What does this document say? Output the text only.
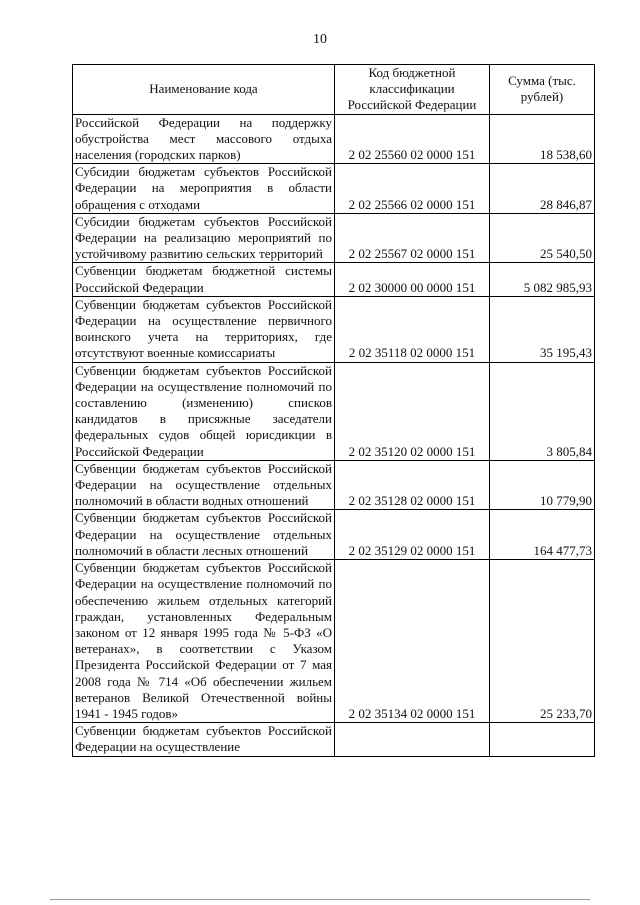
10
Наименование кода	Код бюджетной классификации Российской Федерации	Сумма (тыс. рублей)
Российской Федерации на поддержку обустройства мест массового отдыха населения (городских парков)	2 02 25560 02 0000 151	18 538,60
Субсидии бюджетам субъектов Российской Федерации на мероприятия в области обращения с отходами	2 02 25566 02 0000 151	28 846,87
Субсидии бюджетам субъектов Российской Федерации на реализацию мероприятий по устойчивому развитию сельских территорий	2 02 25567 02 0000 151	25 540,50
Субвенции бюджетам бюджетной системы Российской Федерации	2 02 30000 00 0000 151	5 082 985,93
Субвенции бюджетам субъектов Российской Федерации на осуществление первичного воинского учета на территориях, где отсутствуют военные комиссариаты	2 02 35118 02 0000 151	35 195,43
Субвенции бюджетам субъектов Российской Федерации на осуществление полномочий по составлению (изменению) списков кандидатов в присяжные заседатели федеральных судов общей юрисдикции в Российской Федерации	2 02 35120 02 0000 151	3 805,84
Субвенции бюджетам субъектов Российской Федерации на осуществление отдельных полномочий в области водных отношений	2 02 35128 02 0000 151	10 779,90
Субвенции бюджетам субъектов Российской Федерации на осуществление отдельных полномочий в области лесных отношений	2 02 35129 02 0000 151	164 477,73
Субвенции бюджетам субъектов Российской Федерации на осуществление полномочий по обеспечению жильем отдельных категорий граждан, установленных Федеральным законом от 12 января 1995 года № 5-ФЗ «О ветеранах», в соответствии с Указом Президента Российской Федерации от 7 мая 2008 года № 714 «Об обеспечении жильем ветеранов Великой Отечественной войны 1941 - 1945 годов»	2 02 35134 02 0000 151	25 233,70
Субвенции бюджетам субъектов Российской Федерации на осуществление		
